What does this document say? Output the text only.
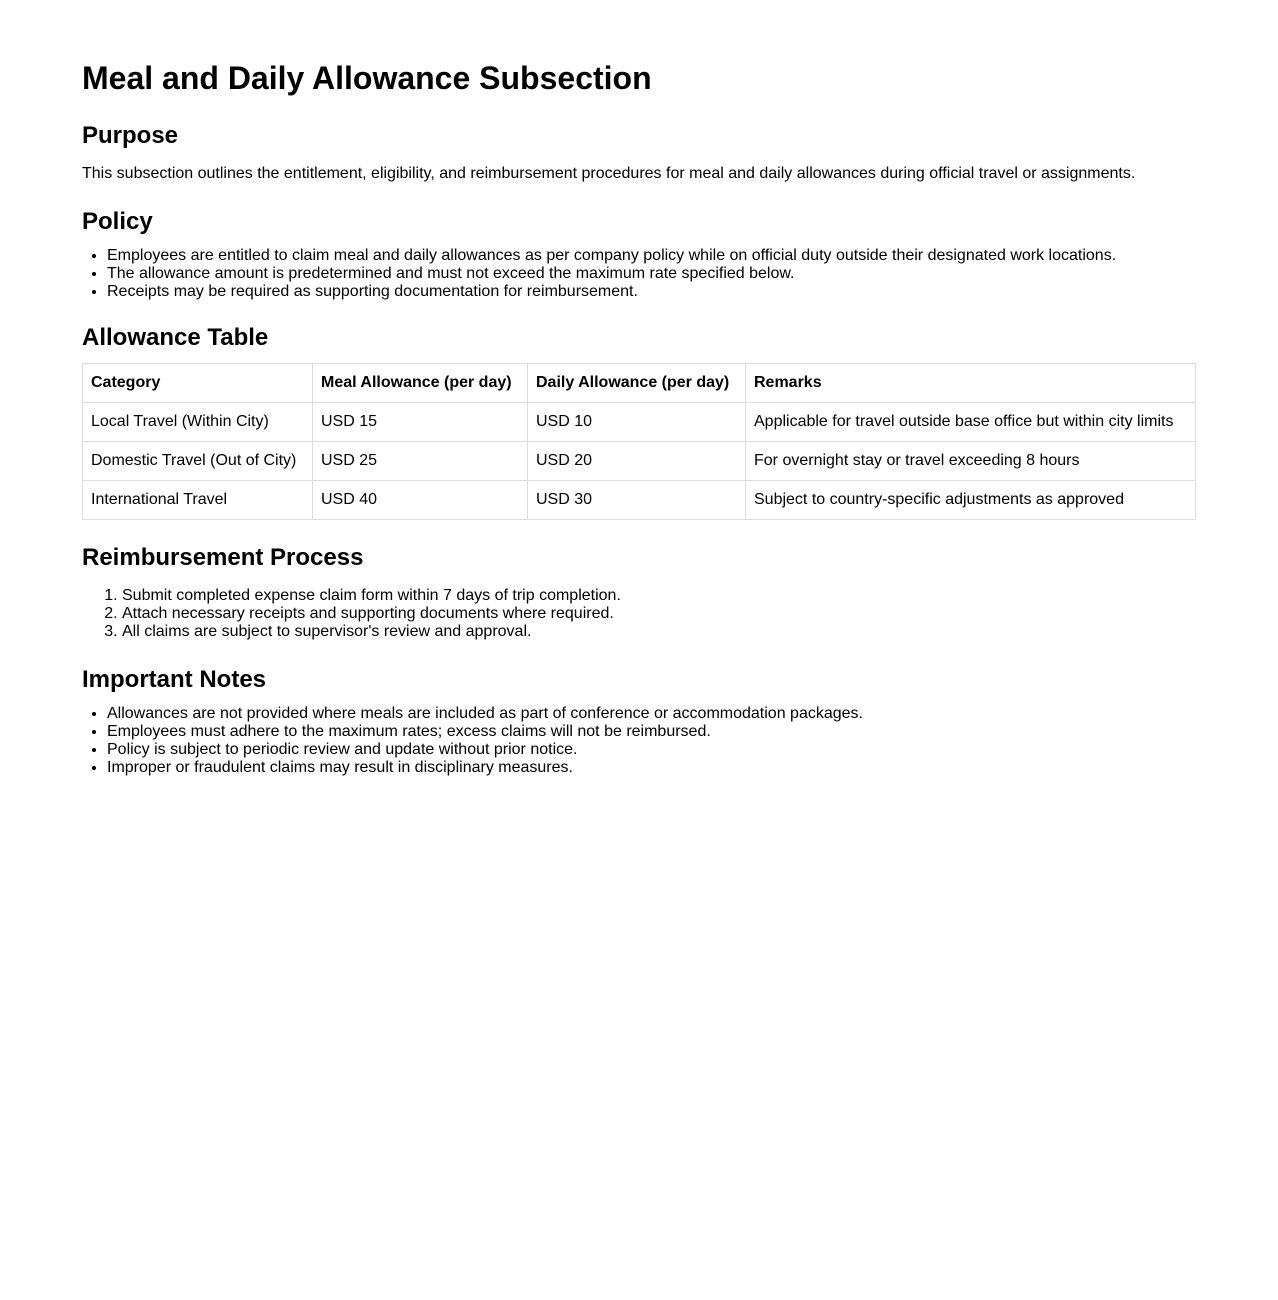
Meal and Daily Allowance Subsection
Purpose

This subsection outlines the entitlement, eligibility, and reimbursement procedures for meal and daily allowances during official travel or assignments.

Policy
• Employees are entitled to claim meal and daily allowances as per company policy while on official duty outside their designated work locations.
• The allowance amount is predetermined and must not exceed the maximum rate specified below.
• Receipts may be required as supporting documentation for reimbursement.
Allowance Table
Category	Meal Allowance (per day)	Daily Allowance (per day)	Remarks
Local Travel (Within City)	USD 15	USD 10	Applicable for travel outside base office but within city limits
Domestic Travel (Out of City)	USD 25	USD 20	For overnight stay or travel exceeding 8 hours
International Travel	USD 40	USD 30	Subject to country-specific adjustments as approved
Reimbursement Process
1. Submit completed expense claim form within 7 days of trip completion.
2. Attach necessary receipts and supporting documents where required.
3. All claims are subject to supervisor's review and approval.
Important Notes
• Allowances are not provided where meals are included as part of conference or accommodation packages.
• Employees must adhere to the maximum rates; excess claims will not be reimbursed.
• Policy is subject to periodic review and update without prior notice.
• Improper or fraudulent claims may result in disciplinary measures.
